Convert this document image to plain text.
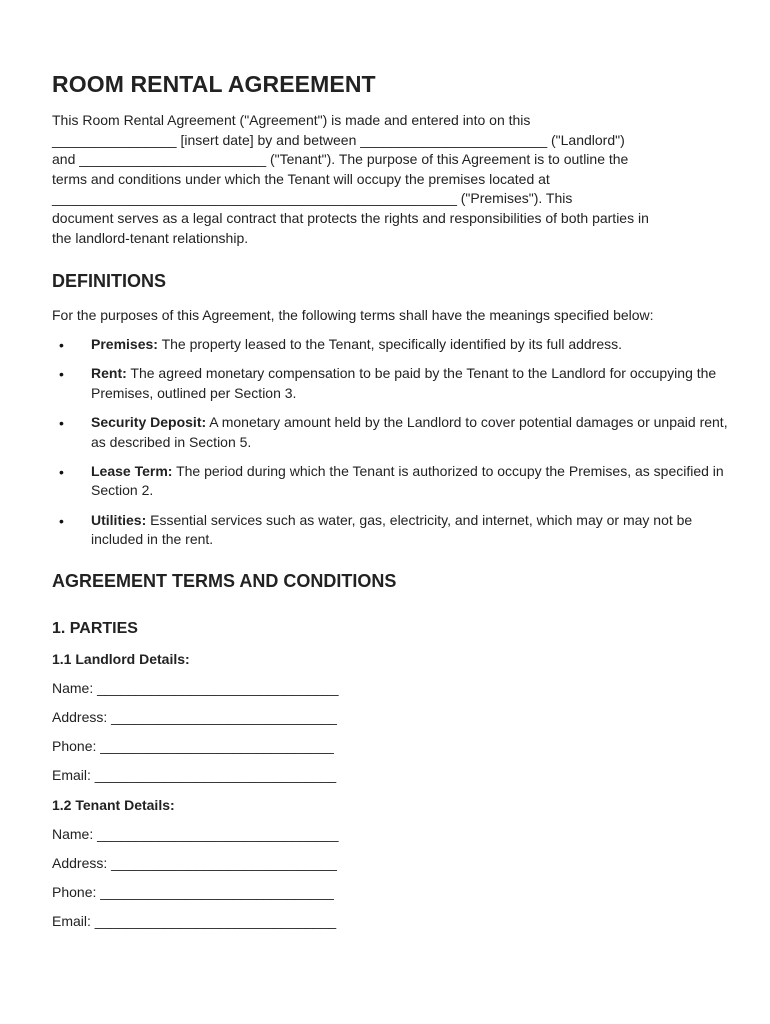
ROOM RENTAL AGREEMENT

This Room Rental Agreement ("Agreement") is made and entered into on this
________________ [insert date] by and between ________________________ ("Landlord")
and ________________________ ("Tenant"). The purpose of this Agreement is to outline the
terms and conditions under which the Tenant will occupy the premises located at
____________________________________________________ ("Premises"). This
document serves as a legal contract that protects the rights and responsibilities of both parties in
the landlord-tenant relationship.

DEFINITIONS

For the purposes of this Agreement, the following terms shall have the meanings specified below:

• Premises: The property leased to the Tenant, specifically identified by its full address.
• Rent: The agreed monetary compensation to be paid by the Tenant to the Landlord for occupying the Premises, outlined per Section 3.
• Security Deposit: A monetary amount held by the Landlord to cover potential damages or unpaid rent, as described in Section 5.
• Lease Term: The period during which the Tenant is authorized to occupy the Premises, as specified in Section 2.
• Utilities: Essential services such as water, gas, electricity, and internet, which may or may not be included in the rent.
AGREEMENT TERMS AND CONDITIONS
1. PARTIES
1.1 Landlord Details:

Name: _______________________________

Address: _____________________________

Phone: ______________________________

Email: _______________________________

1.2 Tenant Details:

Name: _______________________________

Address: _____________________________

Phone: ______________________________

Email: _______________________________
